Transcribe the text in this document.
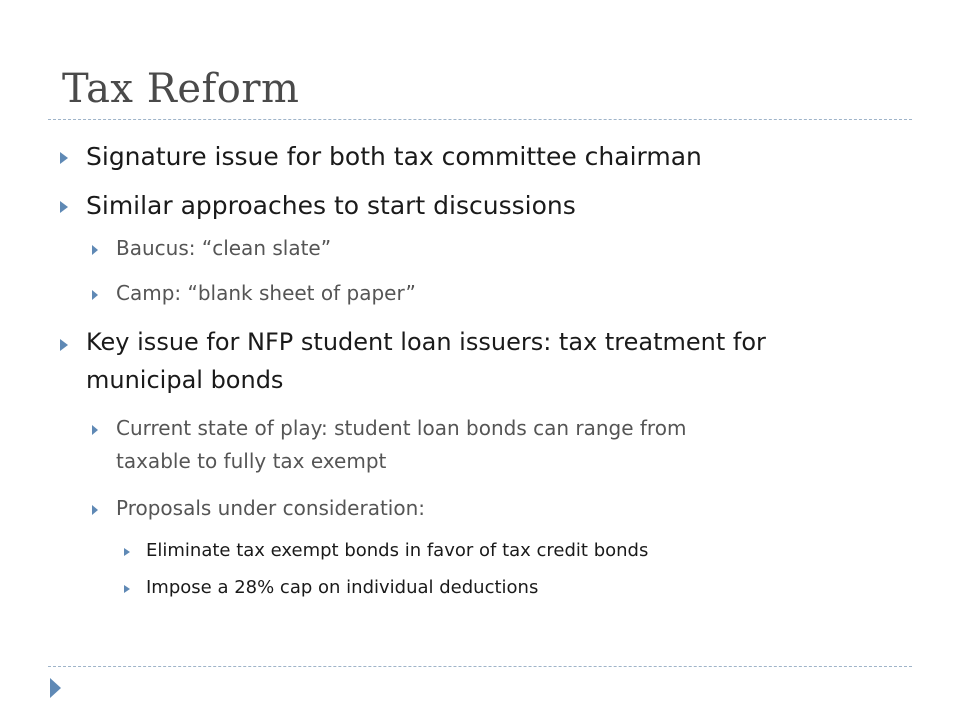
Tax Reform
Signature issue for both tax committee chairman
Similar approaches to start discussions
Baucus: “clean slate”
Camp: “blank sheet of paper”
Key issue for NFP student loan issuers: tax treatment for
municipal bonds
Current state of play: student loan bonds can range from
taxable to fully tax exempt
Proposals under consideration:
Eliminate tax exempt bonds in favor of tax credit bonds
Impose a 28% cap on individual deductions
